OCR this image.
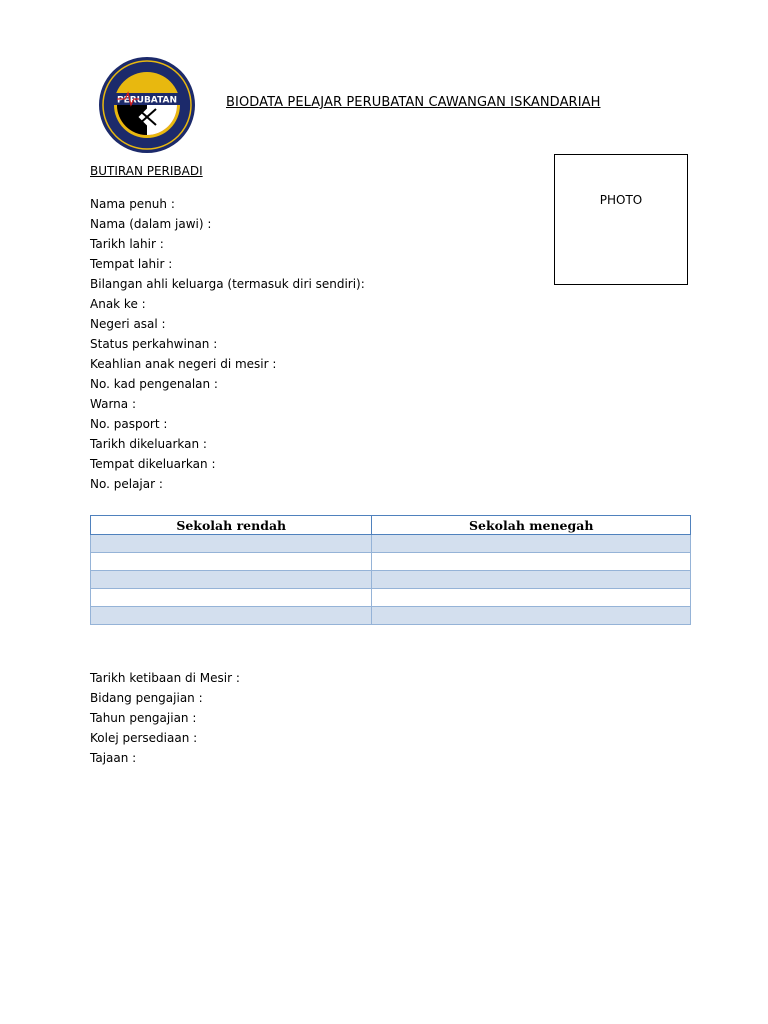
PERUBATAN	BIODATA PELAJAR PERUBATAN CAWANGAN ISKANDARIAH
PHOTO
BUTIRAN PERIBADI
Nama penuh :
Nama (dalam jawi) :
Tarikh lahir :
Tempat lahir :
Bilangan ahli keluarga (termasuk diri sendiri):
Anak ke :
Negeri asal :
Status perkahwinan :
Keahlian anak negeri di mesir :
No. kad pengenalan :
Warna :
No. pasport :
Tarikh dikeluarkan :
Tempat dikeluarkan :
No. pelajar :
Sekolah rendah	Sekolah menegah

Tarikh ketibaan di Mesir :
Bidang pengajian :
Tahun pengajian :
Kolej persediaan :
Tajaan :
